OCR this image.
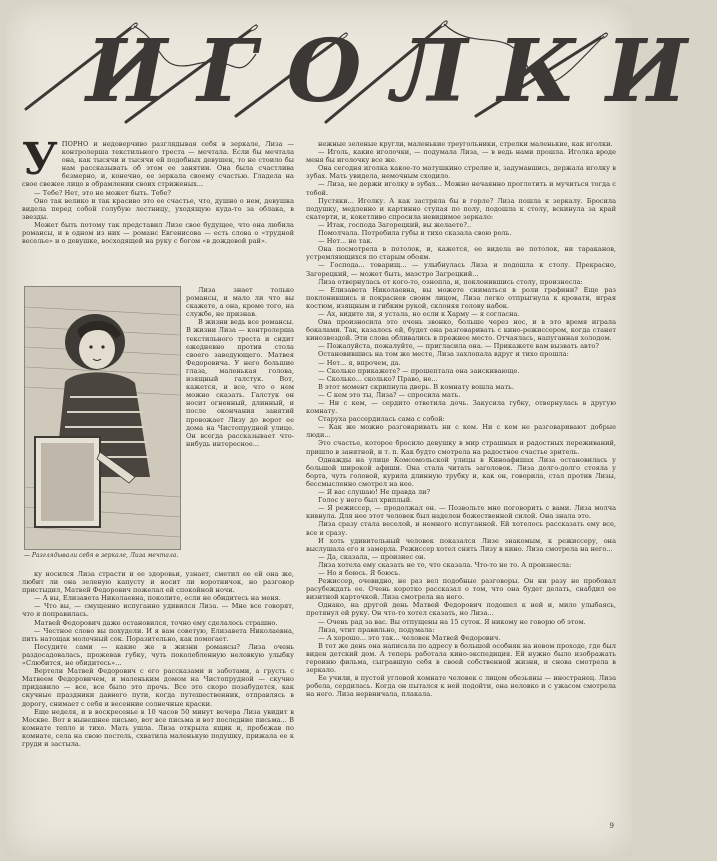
ИГОЛКИ

УПОРНО и недоверчиво разглядывая себя в зеркале, Лиза — контролерша текстильного треста — мечтала. Если бы мечтала она, как тысячи и тысячи ей подобных девушек, то не стоило бы нам рассказывать об этом ее занятии. Она была счастлива безмерно, и, конечно, ее зеркала своему счастью. Гладела на свое свежее лицо в обрамлении своих стриженых...

— Тебе? Нет, это не может быть. Тебе?

Оно так велико и так красиво это ее счастье, что, душно о нем, девушка видела перед собой голубую лестницу, уходящую куда-то за облака, в звезды.

Может быть потому так представил Лизе свое будущее, что она любила романсы, и в одном из них — романс Евгенисова — есть слова о «трудной веселье» и о девушке, восходящей на руку с богом «в дождевой рай».

Лиза знает только романсы, и мало ли что вы скажете, а она, кроме того, на службе, не признав.

В жизни ведь все романсы. В жизни Лиза — контролерша текстильного треста и сидит ежедневно против стола своего заведующего. Матвея Федоровича. У него большие глаза, маленькая голова, изящный галстук. Вот, кажется, и все, что о нем можно сказать. Галстук он носит огненный, длинный, и после окончания занятий провожает Лизу до ворот ее дома на Чистопрудной улице. Он всегда рассказывает что-нибудь интересное...

— Разглядывали себя в зеркале, Лиза мечтала.

ку носился Лиза страсти и ее здоровьи, узнает, сметил ее ей она же, любит ли она зеленую капусту и носит ли воротничок, но разговор пристыдил, Матвей Федорович пожелал ей спокойной ночи.

— А вы, Елизавета Николаевна, поколите, если не обидитесь на меня.

— Что вы, — смущенно испуганно удивился Лиза. — Мне все говорят, что я поправилась.

Матвей Федорович даже остановился, точно ему сделалось страшно.

— Честное слово вы похудели. И я вам советую, Елизавета Николаевна, пить натощак молочный сок. Поразительно, как помогает.

Посудите сами — какие же в жизни романсы? Лиза очень раздосадовалась, прожевав губку, чуть поколебленную неловкую улыбку «Слюбится, не обидитесь»...

Вертели Матвей Федорович с его рассказами и заботами, а грусть с Матвеем Федоровичем, и маленьким домом на Чистопрудной — скучно придавило — все, все было это прочь. Все это скоро позабудется, как скучные праздники давнего пути, когда путешественник, отправлясь в дорогу, снимает с себя и весенние солнечные краски.

Еще неделя, и в воскресенье в 10 часов 50 минут вечера Лиза увидит в Москве. Вот в нынешнее письмо, вот все письма и вот последние письма... В комнате тепло и тихо. Мать ушла. Лиза открыла ящик и, пробежав по комнате, села на свою постель, схватила маленькую подушку, прижала ее к груди и застыла.

нежные зеленые кругли, маленькие треугольники, стрелки маленькие, как иголки.

— Иголь, какие иголочки, — подумала Лиза, — в ведь нами прошла. Иголка вроде меня бы иголочку все же.

Она сегодня иголка какое-то матушкино стрелие и, задумавшись, держала иголку в зубах. Мать увидела, немочным сходило.

— Лиза, не держи иголку в зубах... Можно нечаянно проглотить и мучиться тогда с тобой.

Пустяки... Иголку. А как застряла бы в горле? Лиза пошла к зеркалу. Бросила подушку, медленно и картинно ступая по полу, подошла к столу, вскинула за край скатерти, и, кокетливо спросила невидимое зеркало:

— Итак, господа Загорецкий, вы желаете?..

Помолчала. Потребила губы и тихо сказала свою роль.

— Нет... не так.

Она посмотрела в потолок, и, кажется, ее видела не потолок, ни тараканов, устремляющихся по старым обоям.

— Господа... товарищ... — улыбнулась Лиза и подошла к столу. Прекрасно, Загорецкий, — может быть, маэстро Загрецкий...

Лиза отвернулась от кого-то, ознопла, и, поклонившись столу, произнесла:

— Елизавета Николаевна, вы можете сниматься в роли графини? Еще раз поклонившись и покраснев своим лицом, Лиза легко отпрыгнула к кровати, играя костюм, изящным и гибким рукой, склоняя голову набок.

— Ах, видите ли, я устала, но если к Харму — я согласна.

Она произносила это очень звонко, больше через нос, и в это время играла бокалами. Так, казалось ей, будет она разговаривать с кино-режиссером, когда станет кинозвездой. Эти слова обливались в прежнее место. Отчаялась, напуганная холодом.

— Пожалуйста, пожалуйте, — пригласила она. — Прикажете вам вызвать авто?

Остановившись на том же месте, Лиза захлопала вдруг и тихо прошла:

— Нет... я, впрочем, да.

— Сколько прикажете? — прошептала она заискивающе.

— Сколько... сколько? Право, не...

В этот момент скрипнула дверь. В комнату вошла мать.

— С кем это ты, Лиза? — спросила мать.

— Ни с кем, — сердито ответила дочь. Закусила губку, отвернулась в другую комнату.

Старуха рассердилась сама с собой:

— Как же можно разговаривать ни с кем. Ни с кем не разговаривают добрые люди...

Это счастье, которое бросило девушку в мир страшных и радостных переживаний, пришло в занятной, и т. п. Как будто смотрела на радостное счастье зритель.

Однажды на улице Комсомольской улицы в Киноафишах Лиза остановилась у большой широкой афиши. Она стала читать заголовок. Лиза долго-долго стояла у борта, чуть головой, курила длинную трубку и, как он, говорила, стал против Лизы, бессмысленно смотрел на нее.

— Я вас слушаю! Не правда ли?

Голос у него был хриплый.

— Я режиссер, — продолжал он. — Позвольте мне поговорить с вами. Лиза молча кивнула. Для нее этот человек был наделен божественной силой. Она знала это.

Лиза сразу стала веселой, и немного испуганной. Ей хотелось рассказать ему все, все и сразу.

И хоть удивительный человек показался Лизе знакомым, к режиссеру, она выслушала его и замерла. Режиссер хотел снять Лизу в кино. Лиза смотрела на него...

— Да, сказала, — произнес он.

Лиза хотела ему сказать не то, что сказала. Что-то не то. А произнесла:

— Но я боюсь. Я боюсь.

Режиссер, очевидно, не раз вел подобные разговоры. Он ни разу не пробовал расубеждать ее. Очень коротко рассказал о том, что она будет делать, снабдил ее визитной карточкой. Лиза смотрела на него.

Однако, на другой день Матвей Федорович подошел к ней и, мило улыбаясь, протянул ей руку. Он что-то хотел сказать, но Лиза...

— Очень рад за вас. Вы отпущены на 15 суток. Я никому не говорю об этом.

Лиза, чтит правильно, подумала:

— А хорошо... это так... человек Матвей Федорович.

В тот же день она написала по адресу в большой особняк на новом проходе, где был виден детский дом. А теперь работала кино-экспедиция. Ей нужно было изображать героиню фильма, сыгравшую себя в своей собственной жизни, и снова смотрела в зеркало.

Ее учили, в пустой угловой комнате человек с лицом обезьяны — иностранец. Лиза робела, сердилась. Когда он пытался к ней подойти, она неловко и с ужасом смотрела на него. Лиза нервничала, плакала.

9
